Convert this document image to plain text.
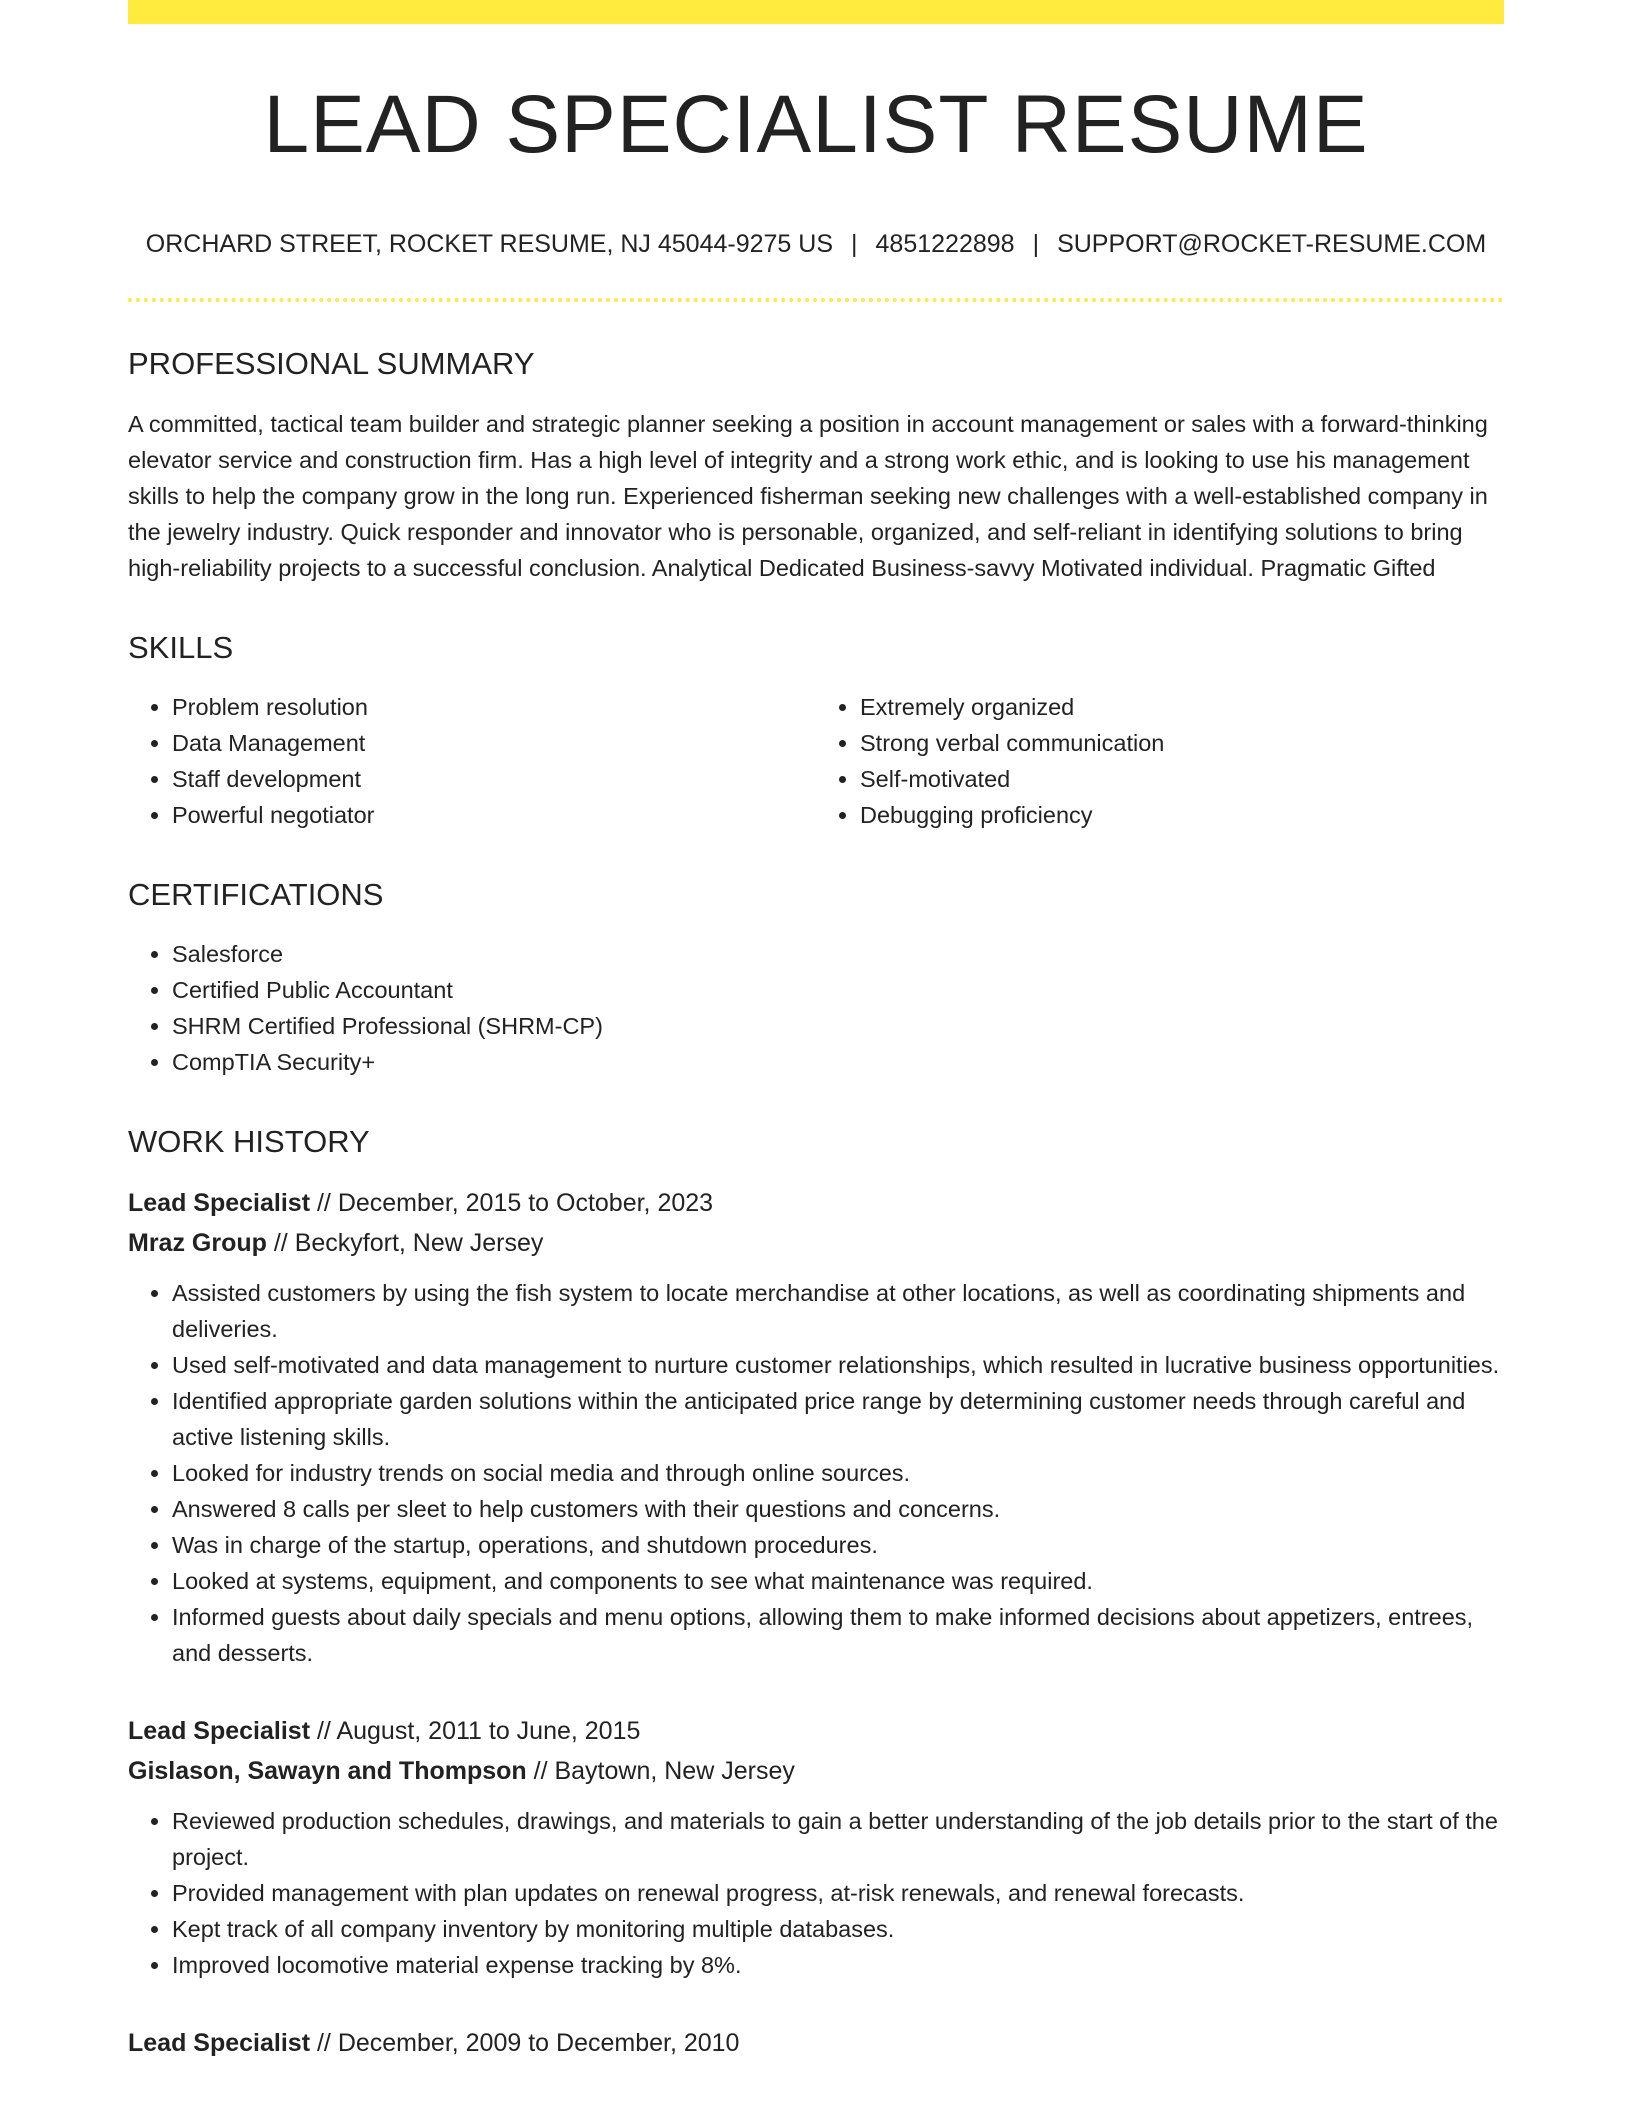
LEAD SPECIALIST RESUME
ORCHARD STREET, ROCKET RESUME, NJ 45044-9275 US | 4851222898 | SUPPORT@ROCKET-RESUME.COM
PROFESSIONAL SUMMARY

A committed, tactical team builder and strategic planner seeking a position in account management or sales with a forward-thinking elevator service and construction firm. Has a high level of integrity and a strong work ethic, and is looking to use his management skills to help the company grow in the long run. Experienced fisherman seeking new challenges with a well-established company in the jewelry industry. Quick responder and innovator who is personable, organized, and self-reliant in identifying solutions to bring high-reliability projects to a successful conclusion. Analytical Dedicated Business-savvy Motivated individual. Pragmatic Gifted

SKILLS
• Problem resolution
• Data Management
• Staff development
• Powerful negotiator
• Extremely organized
• Strong verbal communication
• Self-motivated
• Debugging proficiency
CERTIFICATIONS
• Salesforce
• Certified Public Accountant
• SHRM Certified Professional (SHRM-CP)
• CompTIA Security+
WORK HISTORY
Lead Specialist // December, 2015 to October, 2023
Mraz Group // Beckyfort, New Jersey
• Assisted customers by using the fish system to locate merchandise at other locations, as well as coordinating shipments and deliveries.
• Used self-motivated and data management to nurture customer relationships, which resulted in lucrative business opportunities.
• Identified appropriate garden solutions within the anticipated price range by determining customer needs through careful and active listening skills.
• Looked for industry trends on social media and through online sources.
• Answered 8 calls per sleet to help customers with their questions and concerns.
• Was in charge of the startup, operations, and shutdown procedures.
• Looked at systems, equipment, and components to see what maintenance was required.
• Informed guests about daily specials and menu options, allowing them to make informed decisions about appetizers, entrees, and desserts.
Lead Specialist // August, 2011 to June, 2015
Gislason, Sawayn and Thompson // Baytown, New Jersey
• Reviewed production schedules, drawings, and materials to gain a better understanding of the job details prior to the start of the project.
• Provided management with plan updates on renewal progress, at-risk renewals, and renewal forecasts.
• Kept track of all company inventory by monitoring multiple databases.
• Improved locomotive material expense tracking by 8%.
Lead Specialist // December, 2009 to December, 2010
